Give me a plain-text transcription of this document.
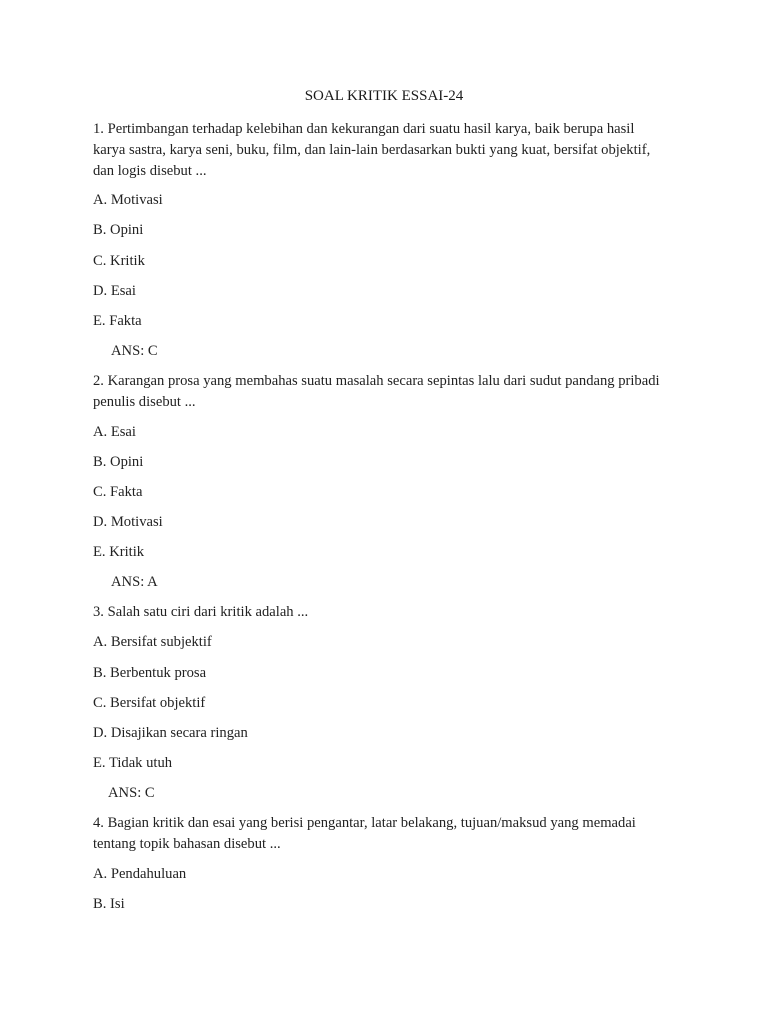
SOAL KRITIK ESSAI-24
1. Pertimbangan terhadap kelebihan dan kekurangan dari suatu hasil karya, baik berupa hasil
karya sastra, karya seni, buku, film, dan lain-lain berdasarkan bukti yang kuat, bersifat objektif,
dan logis disebut ...
A. Motivasi
B. Opini
C. Kritik
D. Esai
E. Fakta
ANS: C
2. Karangan prosa yang membahas suatu masalah secara sepintas lalu dari sudut pandang pribadi
penulis disebut ...
A. Esai
B. Opini
C. Fakta
D. Motivasi
E. Kritik
ANS: A
3. Salah satu ciri dari kritik adalah ...
A. Bersifat subjektif
B. Berbentuk prosa
C. Bersifat objektif
D. Disajikan secara ringan
E. Tidak utuh
ANS: C
4. Bagian kritik dan esai yang berisi pengantar, latar belakang, tujuan/maksud yang memadai
tentang topik bahasan disebut ...
A. Pendahuluan
B. Isi
